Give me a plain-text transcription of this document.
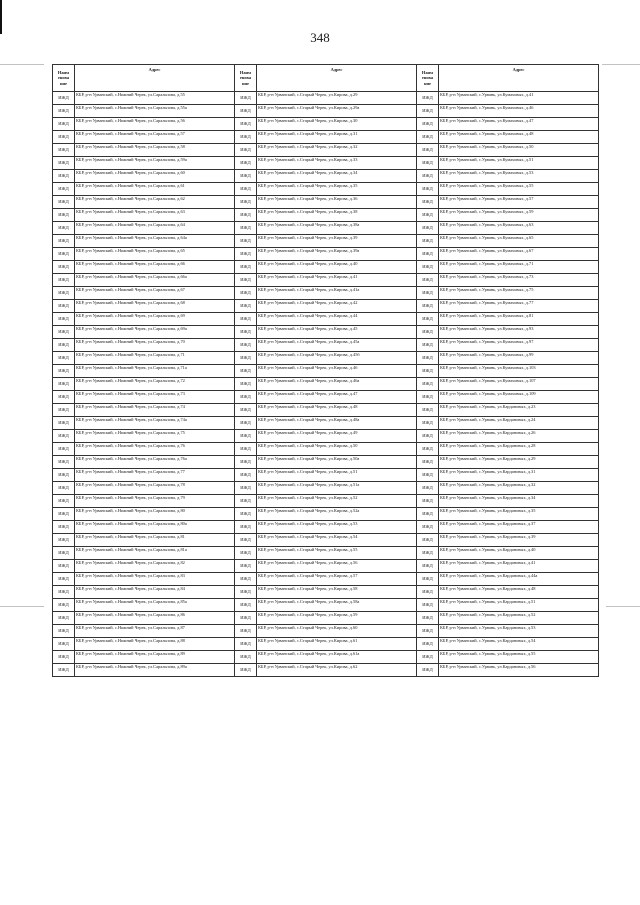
348
Наим енова ние	Адрес	Наим енова ние	Адрес	Наим енова ние	Адрес
ИЖД	КБР, р-н Урванский, с.Нижний Черек, ул.Саральпова, д.55	ИЖД	КБР, р-н Урванский, с.Старый Черек, ул.Кирова, д.29	ИЖД	КБР, р-н Урванский, с.Урвань, ул.Кумаховых, д.41
ИЖД	КБР, р-н Урванский, с.Нижний Черек, ул.Саральпова, д.55а	ИЖД	КБР, р-н Урванский, с.Старый Черек, ул.Кирова, д.29а	ИЖД	КБР, р-н Урванский, с.Урвань, ул.Кумаховых, д.46
ИЖД	КБР, р-н Урванский, с.Нижний Черек, ул.Саральпова, д.56	ИЖД	КБР, р-н Урванский, с.Старый Черек, ул.Кирова, д.30	ИЖД	КБР, р-н Урванский, с.Урвань, ул.Кумаховых, д.47
ИЖД	КБР, р-н Урванский, с.Нижний Черек, ул.Саральпова, д.57	ИЖД	КБР, р-н Урванский, с.Старый Черек, ул.Кирова, д.31	ИЖД	КБР, р-н Урванский, с.Урвань, ул.Кумаховых, д.48
ИЖД	КБР, р-н Урванский, с.Нижний Черек, ул.Саральпова, д.58	ИЖД	КБР, р-н Урванский, с.Старый Черек, ул.Кирова, д.32	ИЖД	КБР, р-н Урванский, с.Урвань, ул.Кумаховых, д.50
ИЖД	КБР, р-н Урванский, с.Нижний Черек, ул.Саральпова, д.59а	ИЖД	КБР, р-н Урванский, с.Старый Черек, ул.Кирова, д.33	ИЖД	КБР, р-н Урванский, с.Урвань, ул.Кумаховых, д.51
ИЖД	КБР, р-н Урванский, с.Нижний Черек, ул.Саральпова, д.60	ИЖД	КБР, р-н Урванский, с.Старый Черек, ул.Кирова, д.34	ИЖД	КБР, р-н Урванский, с.Урвань, ул.Кумаховых, д.53
ИЖД	КБР, р-н Урванский, с.Нижний Черек, ул.Саральпова, д.61	ИЖД	КБР, р-н Урванский, с.Старый Черек, ул.Кирова, д.35	ИЖД	КБР, р-н Урванский, с.Урвань, ул.Кумаховых, д.55
ИЖД	КБР, р-н Урванский, с.Нижний Черек, ул.Саральпова, д.62	ИЖД	КБР, р-н Урванский, с.Старый Черек, ул.Кирова, д.36	ИЖД	КБР, р-н Урванский, с.Урвань, ул.Кумаховых, д.57
ИЖД	КБР, р-н Урванский, с.Нижний Черек, ул.Саральпова, д.63	ИЖД	КБР, р-н Урванский, с.Старый Черек, ул.Кирова, д.38	ИЖД	КБР, р-н Урванский, с.Урвань, ул.Кумаховых, д.59
ИЖД	КБР, р-н Урванский, с.Нижний Черек, ул.Саральпова, д.64	ИЖД	КБР, р-н Урванский, с.Старый Черек, ул.Кирова, д.38а	ИЖД	КБР, р-н Урванский, с.Урвань, ул.Кумаховых, д.63
ИЖД	КБР, р-н Урванский, с.Нижний Черек, ул.Саральпова, д.64а	ИЖД	КБР, р-н Урванский, с.Старый Черек, ул.Кирова, д.39	ИЖД	КБР, р-н Урванский, с.Урвань, ул.Кумаховых, д.65
ИЖД	КБР, р-н Урванский, с.Нижний Черек, ул.Саральпова, д.65	ИЖД	КБР, р-н Урванский, с.Старый Черек, ул.Кирова, д.39а	ИЖД	КБР, р-н Урванский, с.Урвань, ул.Кумаховых, д.67
ИЖД	КБР, р-н Урванский, с.Нижний Черек, ул.Саральпова, д.66	ИЖД	КБР, р-н Урванский, с.Старый Черек, ул.Кирова, д.40	ИЖД	КБР, р-н Урванский, с.Урвань, ул.Кумаховых, д.71
ИЖД	КБР, р-н Урванский, с.Нижний Черек, ул.Саральпова, д.66а	ИЖД	КБР, р-н Урванский, с.Старый Черек, ул.Кирова, д.41	ИЖД	КБР, р-н Урванский, с.Урвань, ул.Кумаховых, д.73
ИЖД	КБР, р-н Урванский, с.Нижний Черек, ул.Саральпова, д.67	ИЖД	КБР, р-н Урванский, с.Старый Черек, ул.Кирова, д.41а	ИЖД	КБР, р-н Урванский, с.Урвань, ул.Кумаховых, д.75
ИЖД	КБР, р-н Урванский, с.Нижний Черек, ул.Саральпова, д.68	ИЖД	КБР, р-н Урванский, с.Старый Черек, ул.Кирова, д.42	ИЖД	КБР, р-н Урванский, с.Урвань, ул.Кумаховых, д.77
ИЖД	КБР, р-н Урванский, с.Нижний Черек, ул.Саральпова, д.69	ИЖД	КБР, р-н Урванский, с.Старый Черек, ул.Кирова, д.44	ИЖД	КБР, р-н Урванский, с.Урвань, ул.Кумаховых, д.81
ИЖД	КБР, р-н Урванский, с.Нижний Черек, ул.Саральпова, д.69а	ИЖД	КБР, р-н Урванский, с.Старый Черек, ул.Кирова, д.45	ИЖД	КБР, р-н Урванский, с.Урвань, ул.Кумаховых, д.93
ИЖД	КБР, р-н Урванский, с.Нижний Черек, ул.Саральпова, д.70	ИЖД	КБР, р-н Урванский, с.Старый Черек, ул.Кирова, д.45а	ИЖД	КБР, р-н Урванский, с.Урвань, ул.Кумаховых, д.97
ИЖД	КБР, р-н Урванский, с.Нижний Черек, ул.Саральпова, д.71	ИЖД	КБР, р-н Урванский, с.Старый Черек, ул.Кирова, д.45б	ИЖД	КБР, р-н Урванский, с.Урвань, ул.Кумаховых, д.99
ИЖД	КБР, р-н Урванский, с.Нижний Черек, ул.Саральпова, д.71а	ИЖД	КБР, р-н Урванский, с.Старый Черек, ул.Кирова, д.46	ИЖД	КБР, р-н Урванский, с.Урвань, ул.Кумаховых, д.103
ИЖД	КБР, р-н Урванский, с.Нижний Черек, ул.Саральпова, д.72	ИЖД	КБР, р-н Урванский, с.Старый Черек, ул.Кирова, д.46а	ИЖД	КБР, р-н Урванский, с.Урвань, ул.Кумаховых, д.107
ИЖД	КБР, р-н Урванский, с.Нижний Черек, ул.Саральпова, д.73	ИЖД	КБР, р-н Урванский, с.Старый Черек, ул.Кирова, д.47	ИЖД	КБР, р-н Урванский, с.Урвань, ул.Кумаховых, д.109
ИЖД	КБР, р-н Урванский, с.Нижний Черек, ул.Саральпова, д.74	ИЖД	КБР, р-н Урванский, с.Старый Черек, ул.Кирова, д.48	ИЖД	КБР, р-н Урванский, с.Урвань, ул.Кардановых, д.23
ИЖД	КБР, р-н Урванский, с.Нижний Черек, ул.Саральпова, д.74а	ИЖД	КБР, р-н Урванский, с.Старый Черек, ул.Кирова, д.48а	ИЖД	КБР, р-н Урванский, с.Урвань, ул.Кардановых, д.24
ИЖД	КБР, р-н Урванский, с.Нижний Черек, ул.Саральпова, д.75	ИЖД	КБР, р-н Урванский, с.Старый Черек, ул.Кирова, д.49	ИЖД	КБР, р-н Урванский, с.Урвань, ул.Кардановых, д.26
ИЖД	КБР, р-н Урванский, с.Нижний Черек, ул.Саральпова, д.76	ИЖД	КБР, р-н Урванский, с.Старый Черек, ул.Кирова, д.50	ИЖД	КБР, р-н Урванский, с.Урвань, ул.Кардановых, д.28
ИЖД	КБР, р-н Урванский, с.Нижний Черек, ул.Саральпова, д.76а	ИЖД	КБР, р-н Урванский, с.Старый Черек, ул.Кирова, д.50а	ИЖД	КБР, р-н Урванский, с.Урвань, ул.Кардановых, д.29
ИЖД	КБР, р-н Урванский, с.Нижний Черек, ул.Саральпова, д.77	ИЖД	КБР, р-н Урванский, с.Старый Черек, ул.Кирова, д.51	ИЖД	КБР, р-н Урванский, с.Урвань, ул.Кардановых, д.31
ИЖД	КБР, р-н Урванский, с.Нижний Черек, ул.Саральпова, д.78	ИЖД	КБР, р-н Урванский, с.Старый Черек, ул.Кирова, д.51а	ИЖД	КБР, р-н Урванский, с.Урвань, ул.Кардановых, д.32
ИЖД	КБР, р-н Урванский, с.Нижний Черек, ул.Саральпова, д.79	ИЖД	КБР, р-н Урванский, с.Старый Черек, ул.Кирова, д.52	ИЖД	КБР, р-н Урванский, с.Урвань, ул.Кардановых, д.34
ИЖД	КБР, р-н Урванский, с.Нижний Черек, ул.Саральпова, д.80	ИЖД	КБР, р-н Урванский, с.Старый Черек, ул.Кирова, д.52а	ИЖД	КБР, р-н Урванский, с.Урвань, ул.Кардановых, д.35
ИЖД	КБР, р-н Урванский, с.Нижний Черек, ул.Саральпова, д.80а	ИЖД	КБР, р-н Урванский, с.Старый Черек, ул.Кирова, д.53	ИЖД	КБР, р-н Урванский, с.Урвань, ул.Кардановых, д.37
ИЖД	КБР, р-н Урванский, с.Нижний Черек, ул.Саральпова, д.81	ИЖД	КБР, р-н Урванский, с.Старый Черек, ул.Кирова, д.54	ИЖД	КБР, р-н Урванский, с.Урвань, ул.Кардановых, д.39
ИЖД	КБР, р-н Урванский, с.Нижний Черек, ул.Саральпова, д.81а	ИЖД	КБР, р-н Урванский, с.Старый Черек, ул.Кирова, д.55	ИЖД	КБР, р-н Урванский, с.Урвань, ул.Кардановых, д.40
ИЖД	КБР, р-н Урванский, с.Нижний Черек, ул.Саральпова, д.82	ИЖД	КБР, р-н Урванский, с.Старый Черек, ул.Кирова, д.56	ИЖД	КБР, р-н Урванский, с.Урвань, ул.Кардановых, д.41
ИЖД	КБР, р-н Урванский, с.Нижний Черек, ул.Саральпова, д.83	ИЖД	КБР, р-н Урванский, с.Старый Черек, ул.Кирова, д.57	ИЖД	КБР, р-н Урванский, с.Урвань, ул.Кардановых, д.44а
ИЖД	КБР, р-н Урванский, с.Нижний Черек, ул.Саральпова, д.84	ИЖД	КБР, р-н Урванский, с.Старый Черек, ул.Кирова, д.58	ИЖД	КБР, р-н Урванский, с.Урвань, ул.Кардановых, д.48
ИЖД	КБР, р-н Урванский, с.Нижний Черек, ул.Саральпова, д.85а	ИЖД	КБР, р-н Урванский, с.Старый Черек, ул.Кирова, д.58а	ИЖД	КБР, р-н Урванский, с.Урвань, ул.Кардановых, д.51
ИЖД	КБР, р-н Урванский, с.Нижний Черек, ул.Саральпова, д.86	ИЖД	КБР, р-н Урванский, с.Старый Черек, ул.Кирова, д.59	ИЖД	КБР, р-н Урванский, с.Урвань, ул.Кардановых, д.52
ИЖД	КБР, р-н Урванский, с.Нижний Черек, ул.Саральпова, д.87	ИЖД	КБР, р-н Урванский, с.Старый Черек, ул.Кирова, д.60	ИЖД	КБР, р-н Урванский, с.Урвань, ул.Кардановых, д.53
ИЖД	КБР, р-н Урванский, с.Нижний Черек, ул.Саральпова, д.88	ИЖД	КБР, р-н Урванский, с.Старый Черек, ул.Кирова, д.61	ИЖД	КБР, р-н Урванский, с.Урвань, ул.Кардановых, д.54
ИЖД	КБР, р-н Урванский, с.Нижний Черек, ул.Саральпова, д.89	ИЖД	КБР, р-н Урванский, с.Старый Черек, ул.Кирова, д.61а	ИЖД	КБР, р-н Урванский, с.Урвань, ул.Кардановых, д.55
ИЖД	КБР, р-н Урванский, с.Нижний Черек, ул.Саральпова, д.89а	ИЖД	КБР, р-н Урванский, с.Старый Черек, ул.Кирова, д.62	ИЖД	КБР, р-н Урванский, с.Урвань, ул.Кардановых, д.56
